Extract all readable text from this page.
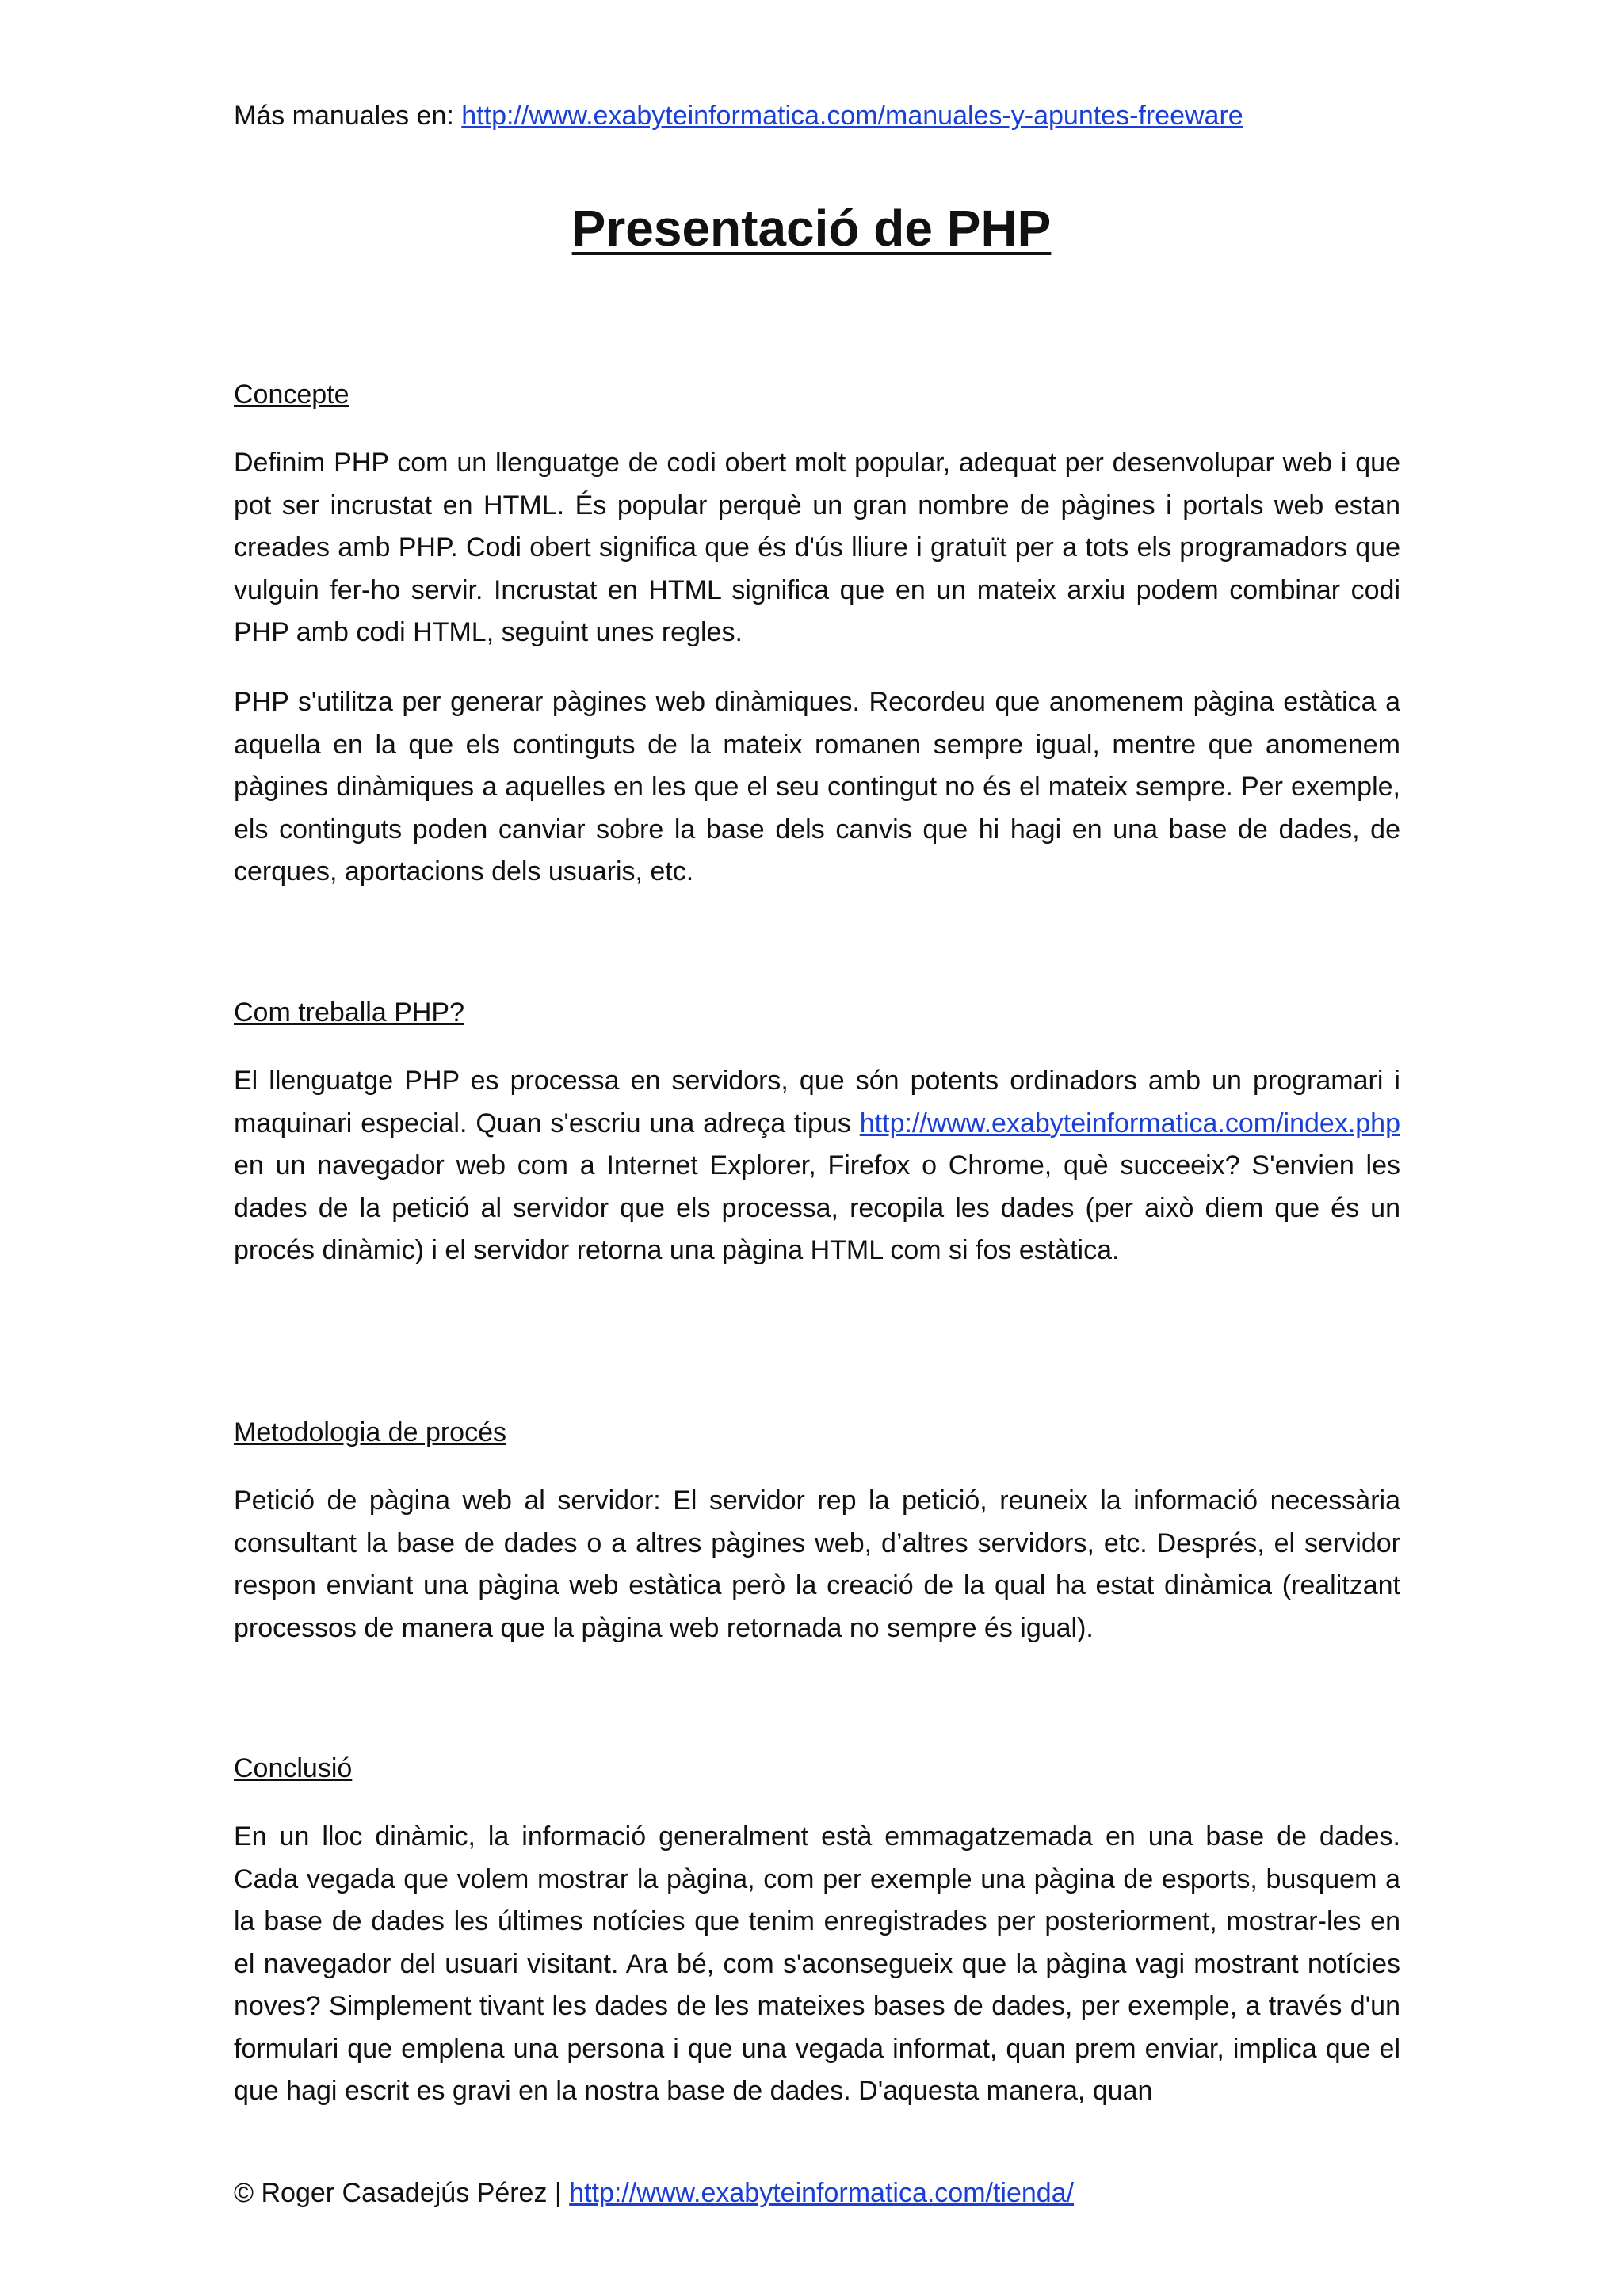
Más manuales en: http://www.exabyteinformatica.com/manuales-y-apuntes-freeware
Presentació de PHP
Concepte

Definim PHP com un llenguatge de codi obert molt popular, adequat per desenvolupar web i que pot ser incrustat en HTML. És popular perquè un gran nombre de pàgines i portals web estan creades amb PHP. Codi obert significa que és d'ús lliure i gratuït per a tots els programadors que vulguin fer-ho servir. Incrustat en HTML significa que en un mateix arxiu podem combinar codi PHP amb codi HTML, seguint unes regles.

PHP s'utilitza per generar pàgines web dinàmiques. Recordeu que anomenem pàgina estàtica a aquella en la que els continguts de la mateix romanen sempre igual, mentre que anomenem pàgines dinàmiques a aquelles en les que el seu contingut no és el mateix sempre. Per exemple, els continguts poden canviar sobre la base dels canvis que hi hagi en una base de dades, de cerques, aportacions dels usuaris, etc.

Com treballa PHP?

El llenguatge PHP es processa en servidors, que són potents ordinadors amb un programari i maquinari especial. Quan s'escriu una adreça tipus http://www.exabyteinformatica.com/index.php en un navegador web com a Internet Explorer, Firefox o Chrome, què succeeix? S'envien les dades de la petició al servidor que els processa, recopila les dades (per això diem que és un procés dinàmic) i el servidor retorna una pàgina HTML com si fos estàtica.

Metodologia de procés

Petició de pàgina web al servidor: El servidor rep la petició, reuneix la informació necessària consultant la base de dades o a altres pàgines web, d’altres servidors, etc. Després, el servidor respon enviant una pàgina web estàtica però la creació de la qual ha estat dinàmica (realitzant processos de manera que la pàgina web retornada no sempre és igual).

Conclusió

En un lloc dinàmic, la informació generalment està emmagatzemada en una base de dades. Cada vegada que volem mostrar la pàgina, com per exemple una pàgina de esports, busquem a la base de dades les últimes notícies que tenim enregistrades per posteriorment, mostrar-les en el navegador del usuari visitant. Ara bé, com s'aconsegueix que la pàgina vagi mostrant notícies noves? Simplement tivant les dades de les mateixes bases de dades, per exemple, a través d'un formulari que emplena una persona i que una vegada informat, quan prem enviar, implica que el que hagi escrit es gravi en la nostra base de dades. D'aquesta manera, quan

© Roger Casadejús Pérez | http://www.exabyteinformatica.com/tienda/
